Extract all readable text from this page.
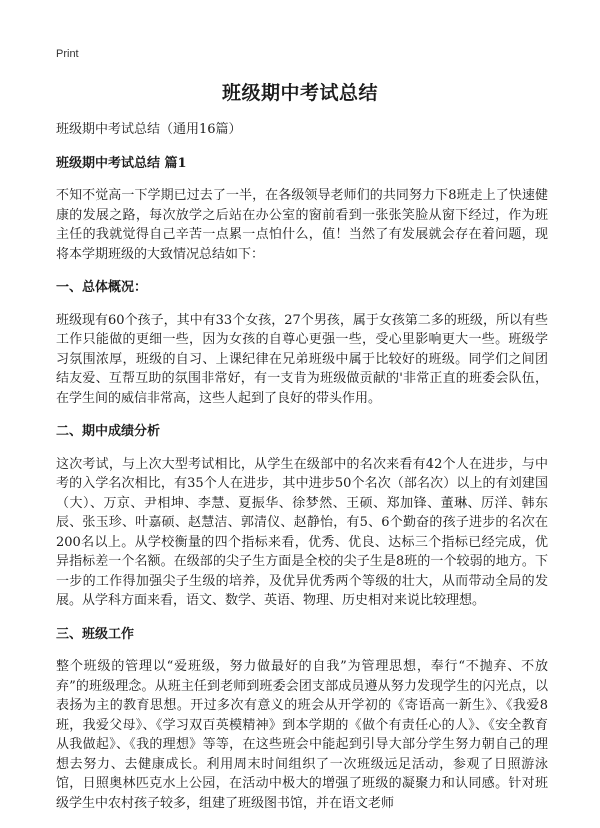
Print
班级期中考试总结

班级期中考试总结（通用16篇）

班级期中考试总结 篇1

不知不觉高一下学期已过去了一半，在各级领导老师们的共同努力下8班走上了快速健康的发展之路，每次放学之后站在办公室的窗前看到一张张笑脸从窗下经过，作为班主任的我就觉得自己辛苦一点累一点怕什么，值！当然了有发展就会存在着问题，现将本学期班级的大致情况总结如下：

一、总体概况：

班级现有60个孩子，其中有33个女孩，27个男孩，属于女孩第二多的班级，所以有些工作只能做的更细一些，因为女孩的自尊心更强一些，受心里影响更大一些。班级学习氛围浓厚，班级的自习、上课纪律在兄弟班级中属于比较好的班级。同学们之间团结友爱、互帮互助的氛围非常好，有一支肯为班级做贡献的'非常正直的班委会队伍，在学生间的威信非常高，这些人起到了良好的带头作用。

二、期中成绩分析

这次考试，与上次大型考试相比，从学生在级部中的名次来看有42个人在进步，与中考的入学名次相比，有35个人在进步，其中进步50个名次（部名次）以上的有刘建国（大）、万京、尹相坤、李慧、夏振华、徐梦然、王硕、郑加锋、董琳、厉洋、韩东辰、张玉珍、叶嘉硕、赵慧洁、郭清仪、赵静怡，有5、6个勤奋的孩子进步的名次在200名以上。从学校衡量的四个指标来看，优秀、优良、达标三个指标已经完成，优异指标差一个名额。在级部的尖子生方面是全校的尖子生是8班的一个较弱的地方。下一步的工作得加强尖子生级的培养，及优异优秀两个等级的壮大，从而带动全局的发展。从学科方面来看，语文、数学、英语、物理、历史相对来说比较理想。

三、班级工作

整个班级的管理以“爱班级，努力做最好的自我”为管理思想，奉行“不抛弃、不放弃”的班级理念。从班主任到老师到班委会团支部成员遵从努力发现学生的闪光点，以表扬为主的教育思想。开过多次有意义的班会从开学初的《寄语高一新生》、《我爱8班，我爱父母》、《学习双百英模精神》到本学期的《做个有责任心的人》、《安全教育从我做起》、《我的理想》等等，在这些班会中能起到引导大部分学生努力朝自己的理想去努力、去健康成长。利用周末时间组织了一次班级远足活动，参观了日照游泳馆，日照奥林匹克水上公园，在活动中极大的增强了班级的凝聚力和认同感。针对班级学生中农村孩子较多，组建了班级图书馆，并在语文老师
